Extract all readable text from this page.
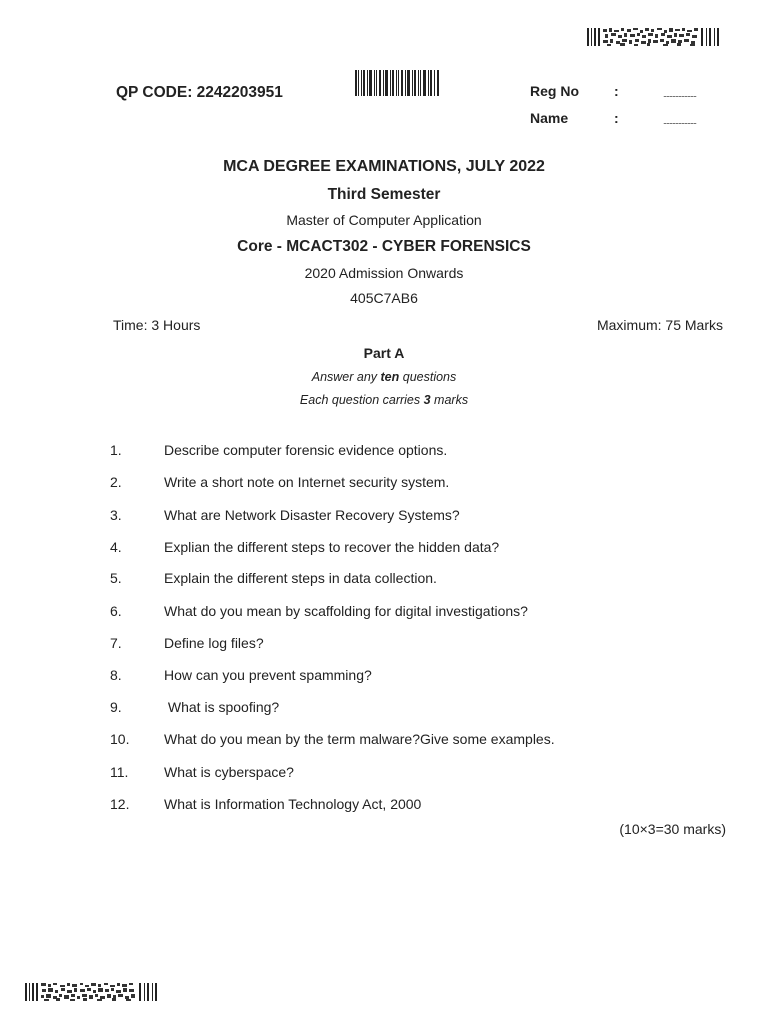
QP CODE: 2242203951	Reg No	:	......................
Name	:	......................
MCA DEGREE EXAMINATIONS, JULY 2022
Third Semester
Master of Computer Application
Core - MCACT302 - CYBER FORENSICS
2020 Admission Onwards
405C7AB6
Time: 3 Hours	Maximum: 75 Marks
Part A
Answer any ten questions
Each question carries 3 marks
1.	Describe computer forensic evidence options.
2.	Write a short note on Internet security system.
3.	What are Network Disaster Recovery Systems?
4.	Explian the different steps to recover the hidden data?
5.	Explain the different steps in data collection.
6.	What do you mean by scaffolding for digital investigations?
7.	Define log files?
8.	How can you prevent spamming?
9.	What is spoofing?
10. What do you mean by the term malware?Give some examples.
11.	What is cyberspace?
12. What is Information Technology Act, 2000
(10×3=30 marks)
